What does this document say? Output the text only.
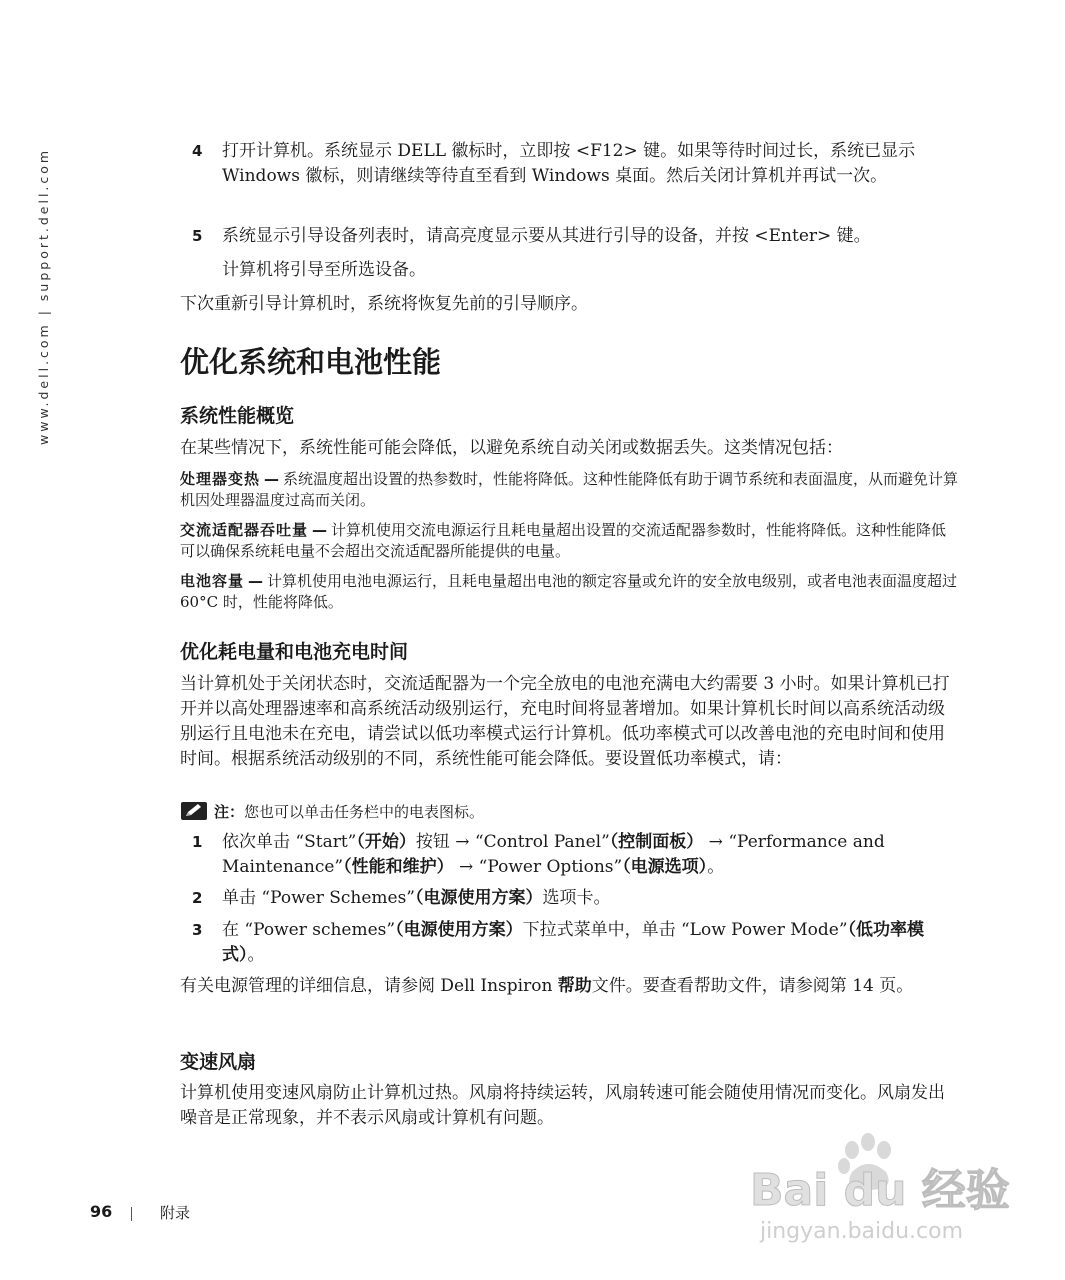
www.dell.com | support.dell.com	4 打开计算机。系统显示 DELL 徽标时，立即按 <F12> 键。如果等待时间过长，系统已显示 Windows 徽标，则请继续等待直至看到 Windows 桌面。然后关闭计算机并再试一次。
5 系统显示引导设备列表时，请高亮度显示要从其进行引导的设备，并按 <Enter> 键。
计算机将引导至所选设备。
下次重新引导计算机时，系统将恢复先前的引导顺序。
优化系统和电池性能
系统性能概览
在某些情况下，系统性能可能会降低，以避免系统自动关闭或数据丢失。这类情况包括：
处理器变热 — 系统温度超出设置的热参数时，性能将降低。这种性能降低有助于调节系统和表面温度，从而避免计算机因处理器温度过高而关闭。
交流适配器吞吐量 — 计算机使用交流电源运行且耗电量超出设置的交流适配器参数时，性能将降低。这种性能降低可以确保系统耗电量不会超出交流适配器所能提供的电量。
电池容量 — 计算机使用电池电源运行，且耗电量超出电池的额定容量或允许的安全放电级别，或者电池表面温度超过 60°C 时，性能将降低。
优化耗电量和电池充电时间
当计算机处于关闭状态时，交流适配器为一个完全放电的电池充满电大约需要 3 小时。如果计算机已打开并以高处理器速率和高系统活动级别运行，充电时间将显著增加。如果计算机长时间以高系统活动级别运行且电池未在充电，请尝试以低功率模式运行计算机。低功率模式可以改善电池的充电时间和使用时间。根据系统活动级别的不同，系统性能可能会降低。要设置低功率模式，请：
注：您也可以单击任务栏中的电表图标。
1 依次单击 “Start”（开始）按钮 → “Control Panel”（控制面板） → “Performance and Maintenance”（性能和维护） → “Power Options”（电源选项）。
2 单击 “Power Schemes”（电源使用方案）选项卡。
3 在 “Power schemes”（电源使用方案）下拉式菜单中，单击 “Low Power Mode”（低功率模式）。
有关电源管理的详细信息，请参阅 Dell Inspiron 帮助文件。要查看帮助文件，请参阅第 14 页。
变速风扇
计算机使用变速风扇防止计算机过热。风扇将持续运转，风扇转速可能会随使用情况而变化。风扇发出噪音是正常现象，并不表示风扇或计算机有问题。
96	附录	Bai du 经验
jingyan.baidu.com
